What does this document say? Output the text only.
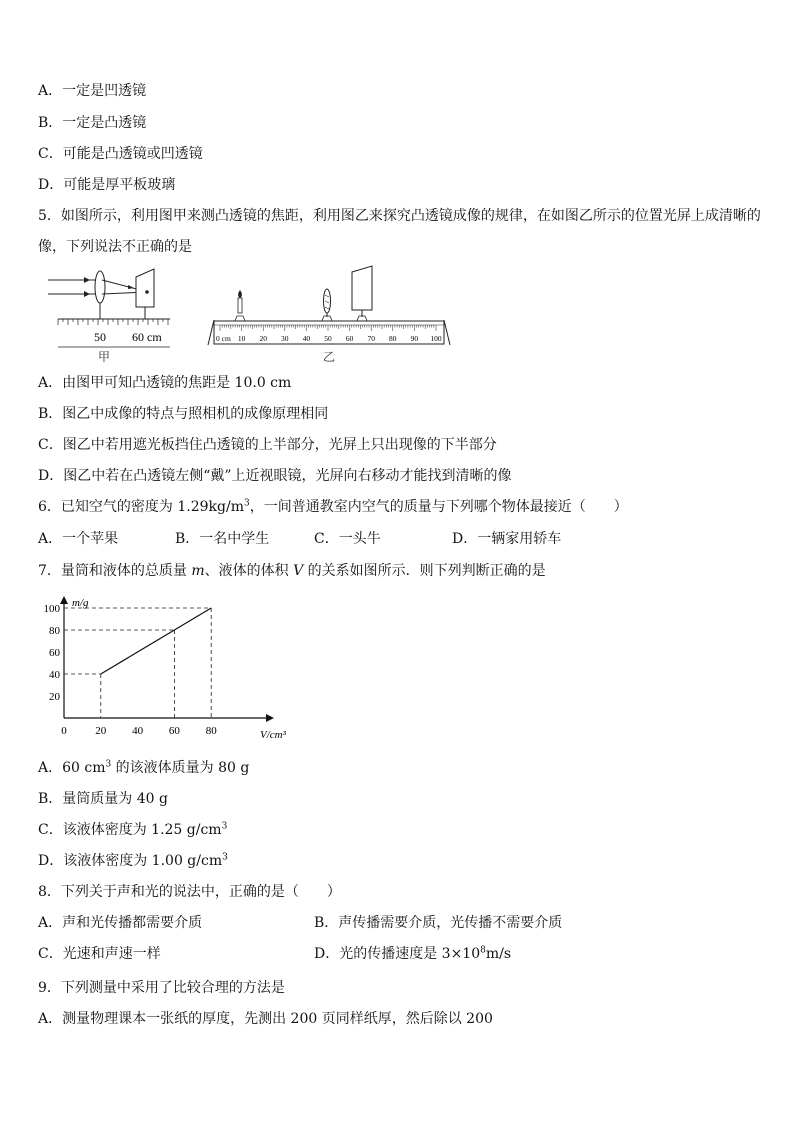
A．一定是凹透镜
B．一定是凸透镜
C．可能是凸透镜或凹透镜
D．可能是厚平板玻璃
5．如图所示，利用图甲来测凸透镜的焦距，利用图乙来探究凸透镜成像的规律，在如图乙所示的位置光屏上成清晰的
像，下列说法不正确的是
50 60 cm
甲
0 cm 10 20 30 40 50 60 70 80 90 100
乙
A．由图甲可知凸透镜的焦距是 10.0 cm
B．图乙中成像的特点与照相机的成像原理相同
C．图乙中若用遮光板挡住凸透镜的上半部分，光屏上只出现像的下半部分
D．图乙中若在凸透镜左侧“戴”上近视眼镜，光屏向右移动才能找到清晰的像
6．已知空气的密度为 $1.29kg/m^3$，一间普通教室内空气的质量与下列哪个物体最接近（　　）
A．一个苹果	B．一名中学生	C．一头牛	D．一辆家用轿车
7．量筒和液体的总质量 m、液体的体积 V 的关系如图所示．则下列判断正确的是
0	20 40 60 80
20
40
60
80
100 m/g
V/cm³
A．60 $cm^3$ 的该液体质量为 80 g
B．量筒质量为 40 g
C．该液体密度为 1.25 $g/cm^3$
D．该液体密度为 1.00 $g/cm^3$
8．下列关于声和光的说法中，正确的是（　　）
A．声和光传播都需要介质	B．声传播需要介质，光传播不需要介质
C．光速和声速一样	D．光的传播速度是 $3\times 10^8m/s$
9．下列测量中采用了比较合理的方法是
A．测量物理课本一张纸的厚度，先测出 200 页同样纸厚，然后除以 200
